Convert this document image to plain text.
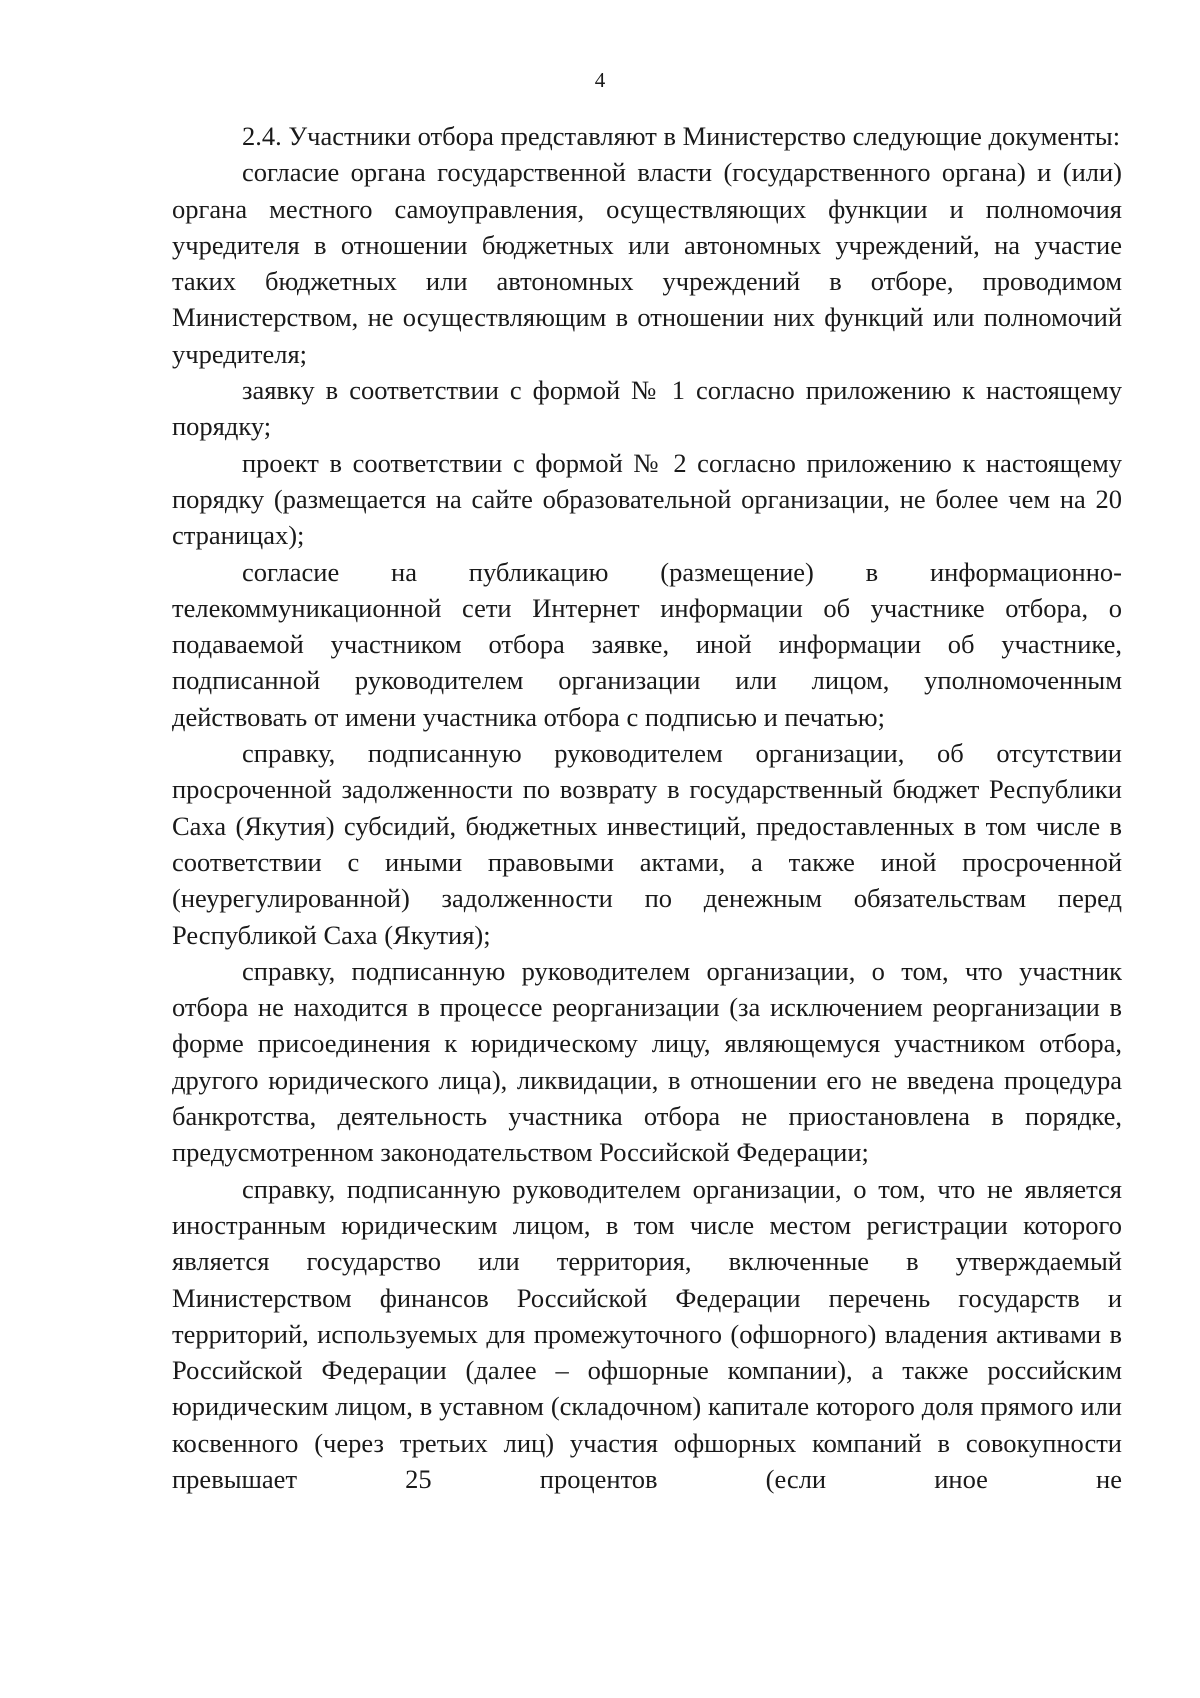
4

2.4. Участники отбора представляют в Министерство следующие документы:

согласие органа государственной власти (государственного органа) и (или) органа местного самоуправления, осуществляющих функции и полномочия учредителя в отношении бюджетных или автономных учреждений, на участие таких бюджетных или автономных учреждений в отборе, проводимом Министерством, не осуществляющим в отношении них функций или полномочий учредителя;

заявку в соответствии с формой № 1 согласно приложению к настоящему порядку;

проект в соответствии с формой № 2 согласно приложению к настоящему порядку (размещается на сайте образовательной организации, не более чем на 20 страницах);

согласие на публикацию (размещение) в информационно-телекоммуникационной сети Интернет информации об участнике отбора, о подаваемой участником отбора заявке, иной информации об участнике, подписанной руководителем организации или лицом, уполномоченным действовать от имени участника отбора с подписью и печатью;

справку, подписанную руководителем организации, об отсутствии просроченной задолженности по возврату в государственный бюджет Республики Саха (Якутия) субсидий, бюджетных инвестиций, предоставленных в том числе в соответствии с иными правовыми актами, а также иной просроченной (неурегулированной) задолженности по денежным обязательствам перед Республикой Саха (Якутия);

справку, подписанную руководителем организации, о том, что участник отбора не находится в процессе реорганизации (за исключением реорганизации в форме присоединения к юридическому лицу, являющемуся участником отбора, другого юридического лица), ликвидации, в отношении его не введена процедура банкротства, деятельность участника отбора не приостановлена в порядке, предусмотренном законодательством Российской Федерации;

справку, подписанную руководителем организации, о том, что не является иностранным юридическим лицом, в том числе местом регистрации которого является государство или территория, включенные в утверждаемый Министерством финансов Российской Федерации перечень государств и территорий, используемых для промежуточного (офшорного) владения активами в Российской Федерации (далее – офшорные компании), а также российским юридическим лицом, в уставном (складочном) капитале которого доля прямого или косвенного (через третьих лиц) участия офшорных компаний в совокупности превышает 25 процентов (если иное не
